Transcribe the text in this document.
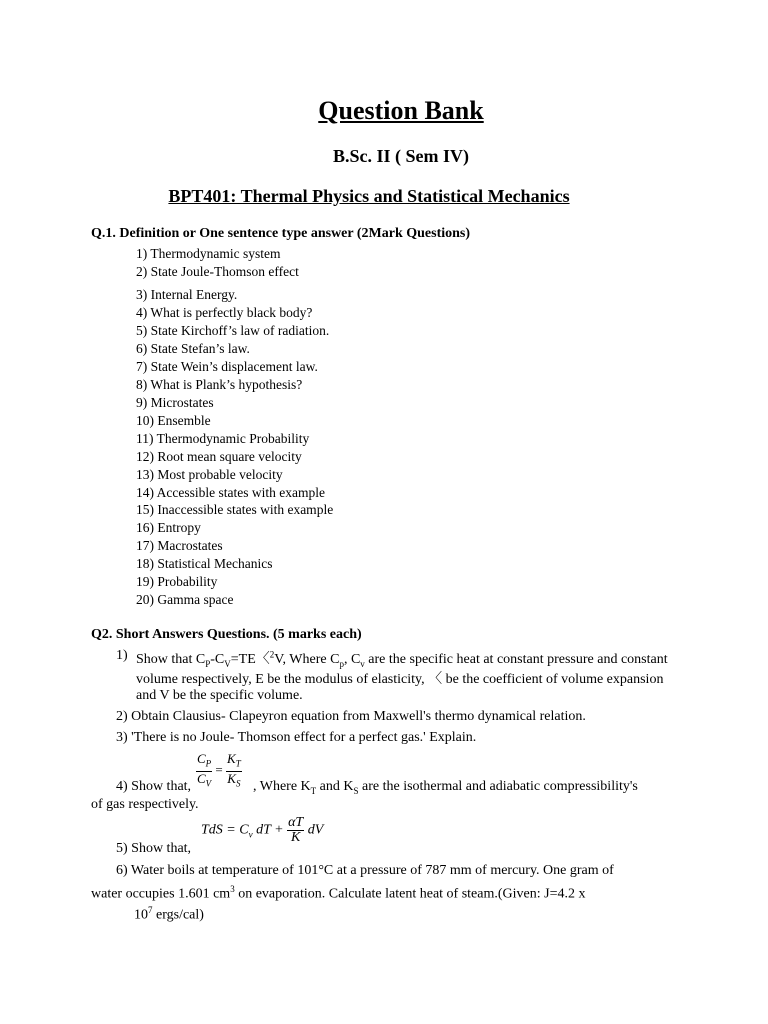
Question Bank
B.Sc. II ( Sem IV)
BPT401: Thermal Physics and Statistical Mechanics
Q.1. Definition or One sentence type answer (2Mark Questions)
1) Thermodynamic system
2) State Joule-Thomson effect
3) Internal Energy.
4) What is perfectly black body?
5) State Kirchoff’s law of radiation.
6) State Stefan’s law.
7) State Wein’s displacement law.
8) What is Plank’s hypothesis?
9) Microstates
10) Ensemble
11) Thermodynamic Probability
12) Root mean square velocity
13) Most probable velocity
14) Accessible states with example
15) Inaccessible states with example
16) Entropy
17) Macrostates
18) Statistical Mechanics
19) Probability
20) Gamma space
Q2. Short Answers Questions. (5 marks each)
1) Show that $C_P-C_V=TE$〈$^2$V, Where $C_p$, $C_v$ are the specific heat at constant pressure and constant
volume respectively, E be the modulus of elasticity, 〈 be the coefficient of volume expansion
and V be the specific volume.
2) Obtain Clausius- Clapeyron equation from Maxwell's thermo dynamical relation.
3) 'There is no Joule- Thomson effect for a perfect gas.' Explain.
$\frac{C_P}{C_V} = \frac{K_T}{K_S}$
4) Show that,	, Where $K_T$ and $K_S$ are the isothermal and adiabatic compressibility's
of gas respectively.
TdS = $C_v$ dT + $\frac{\alpha T}{K}$ dV
5) Show that,
6) Water boils at temperature of 101°C at a pressure of 787 mm of mercury. One gram of
water occupies 1.601 $cm^3$ on evaporation. Calculate latent heat of steam.(Given: J=4.2 x
$10^7$ ergs/cal)
